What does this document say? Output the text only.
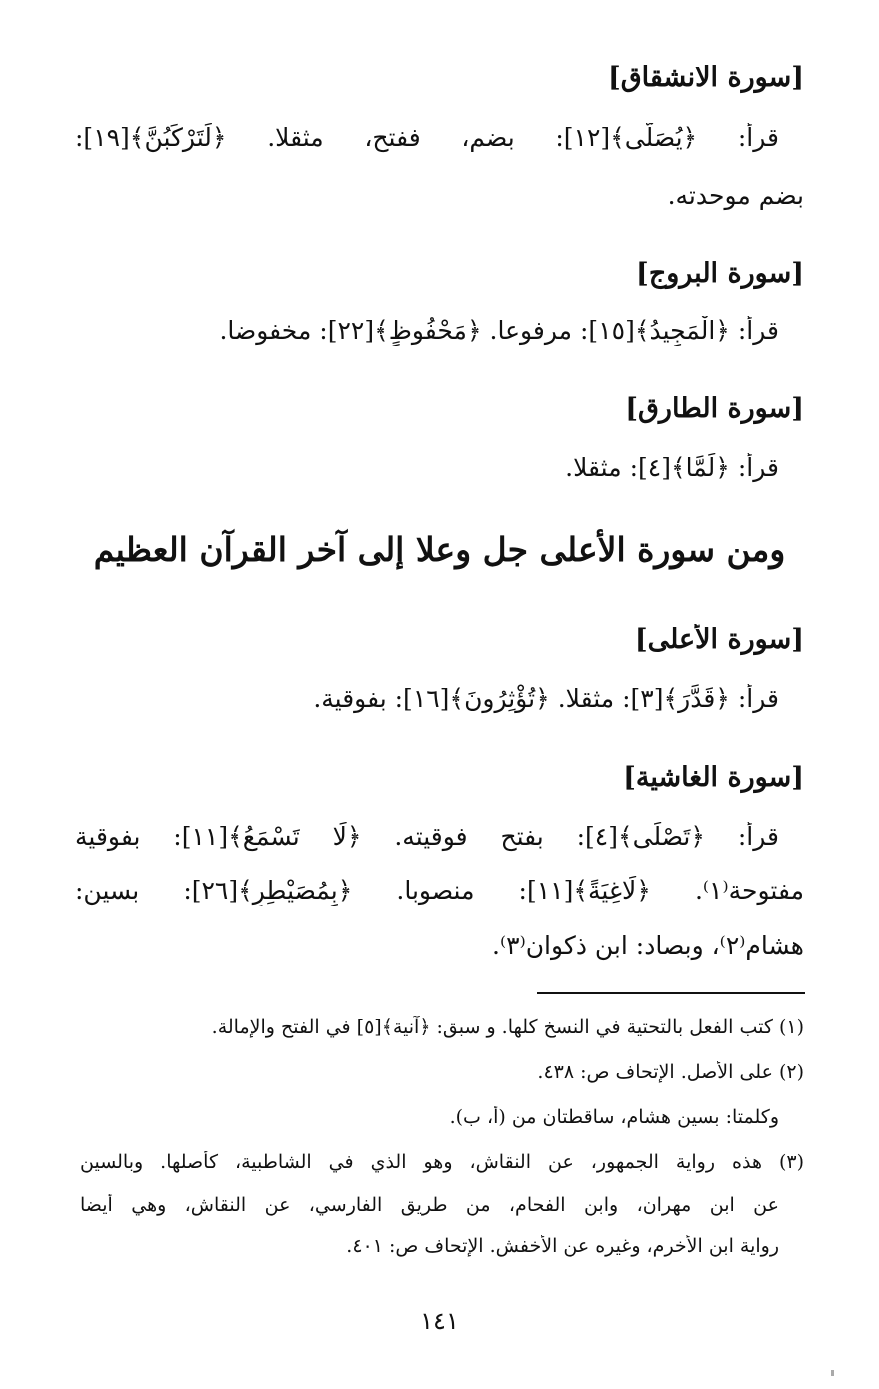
[سورة الانشقاق]
قرأ: ﴿يُصَلَّى﴾[١٢]: بضم، ففتح، مثقلا. ﴿لَتَرْكَبُنَّ﴾[١٩]:
بضم موحدته.
[سورة البروج]
قرأ: ﴿الْمَجِيدُ﴾[١٥]: مرفوعا. ﴿مَحْفُوظٍ﴾[٢٢]: مخفوضا.
[سورة الطارق]
قرأ: ﴿لَمَّا﴾[٤]: مثقلا.
ومن سورة الأعلى جل وعلا إلى آخر القرآن العظيم
[سورة الأعلى]
قرأ: ﴿قَدَّرَ﴾[٣]: مثقلا. ﴿تُؤْثِرُونَ﴾[١٦]: بفوقية.
[سورة الغاشية]
قرأ: ﴿تَصْلَى﴾[٤]: بفتح فوقيته. ﴿لَا تَسْمَعُ﴾[١١]: بفوقية
مفتوحة⁽١⁾. ﴿لَاغِيَةً﴾[١١]: منصوبا. ﴿بِمُصَيْطِرٍ﴾[٢٦]: بسين:
هشام⁽٢⁾، وبصاد: ابن ذكوان⁽٣⁾.
(١) كتب الفعل بالتحتية في النسخ كلها. و سبق: ﴿آنية﴾[٥] في الفتح والإمالة.
(٢) على الأصل. الإتحاف ص: ٤٣٨.
وكلمتا: بسين هشام، ساقطتان من (أ، ب).
(٣) هذه رواية الجمهور، عن النقاش، وهو الذي في الشاطبية، كأصلها. وبالسين
عن ابن مهران، وابن الفحام، من طريق الفارسي، عن النقاش، وهي أيضا
رواية ابن الأخرم، وغيره عن الأخفش. الإتحاف ص: ٤٠١.
١٤١
